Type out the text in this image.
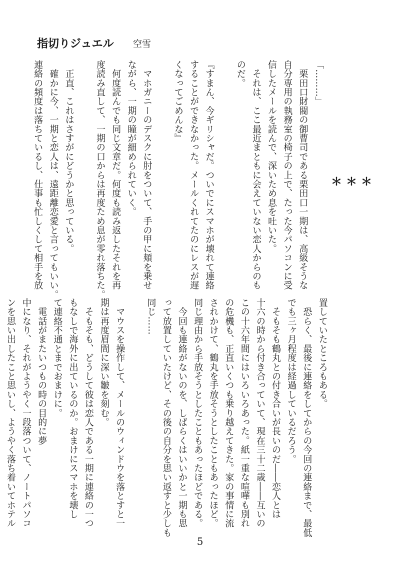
指切りジュエル 空雪
＊＊＊

「………」

　栗田口財閥の御曹司である栗田口一期は、高級そうな

自分専用の執務室の椅子の上で、たった今パソコンに受

信したメールを読んで、深いため息を吐いた。

　それは、ここ最近まともに会えていない恋人からのも

のだ。

『すまん、今ギリシャだ。ついでにスマホが壊れて連絡

することができなかった。メールくれてたのにレスが遅

くなってごめんな』

　マホガニーのデスクに肘をついて、手の甲に頬を乗せ

ながら、一期の瞳が細められていく。

　何度読んでも同じ文章だ。何度も読み返したそれを再

度読み直して、一期の口からは再度ため息が零れ落ちた。

　正直、これはさすがにどうかと思っている。

　確かに今、一期と恋人は、遠距離恋愛と言ってもいい。

連絡の頻度は落ちているし、仕事も忙しくして相手を放

置していたところもある。

　恐らく、最後に連絡をしてからの今回の連絡まで、最低

でも三ヶ月程度は経過しているだろう。

　そもそも鶴丸との付き合いが長いのだ――恋人とは

十六の時から付き合っていて、現在三十二歳――互いの

この十六年間にはいろいろあった。紙一重な喧嘩も別れ

の危機も、正直いくつも乗り越えてきた。家の事情に流

されかけて、鶴丸を手放そうとしたこともあったほど。

同じ理由から手放そうとしたこともあったほどである。

　今回も連絡がないのを、しばらくはいいかと一期も思

って放置していたけど、その後の自分を思い返すと少しも

同じ……

　マウスを操作して、メールのウィンドウを落とすと一

期は再度眉間に深い皺を刻む。

　そもそも、どうして彼は恋人である一期に連絡の一つ

もなしで海外に出ているのか。おまけにスマホを壊し

て連絡不通とまでおまけに。

　電話がまたいつもの時の目的に夢

中になり、それがようやく一段落ついて、ノートパソコ

ンを思い出したこと思いし、ようやく落ち着いてホテル

5
